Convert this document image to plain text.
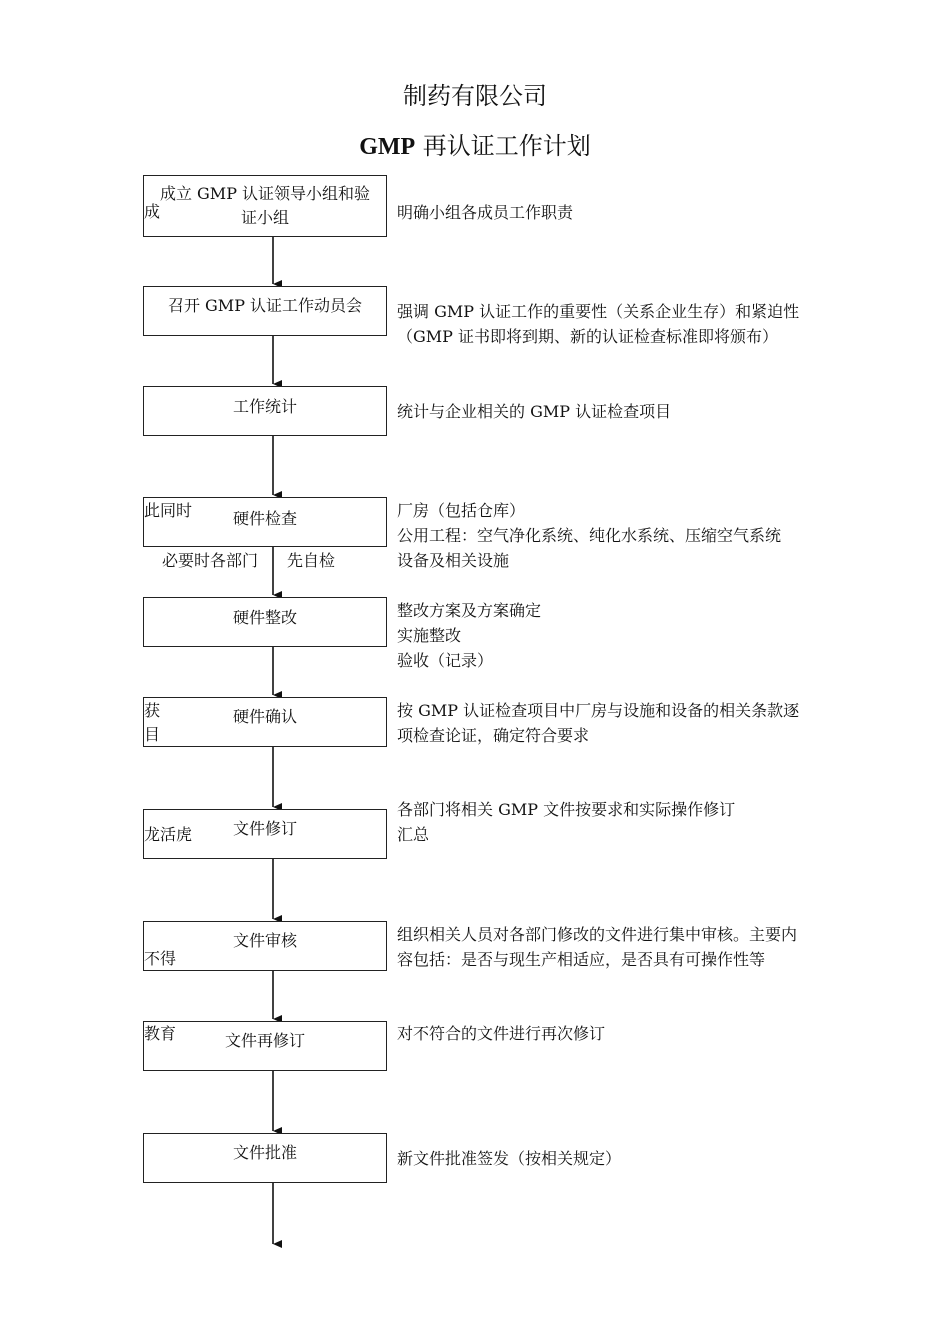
制药有限公司
GMP 再认证工作计划
成立 GMP 认证领导小组和验
证小组
成	明确小组各成员工作职责
召开 GMP 认证工作动员会	强调 GMP 认证工作的重要性（关系企业生存）和紧迫性
（GMP 证书即将到期、新的认证检查标准即将颁布）
工作统计	统计与企业相关的 GMP 认证检查项目
硬件检查
此同时	厂房（包括仓库）
公用工程：空气净化系统、纯化水系统、压缩空气系统
设备及相关设施
必要时各部门 先自检
硬件整改	整改方案及方案确定
实施整改
验收（记录）
硬件确认
获
目
按 GMP 认证检查项目中厂房与设施和设备的相关条款逐
项检查论证，确定符合要求
文件修订
龙活虎
各部门将相关 GMP 文件按要求和实际操作修订
汇总
文件审核
不得
组织相关人员对各部门修改的文件进行集中审核。主要内
容包括：是否与现生产相适应，是否具有可操作性等
文件再修订
教育	对不符合的文件进行再次修订
文件批准	新文件批准签发（按相关规定）
